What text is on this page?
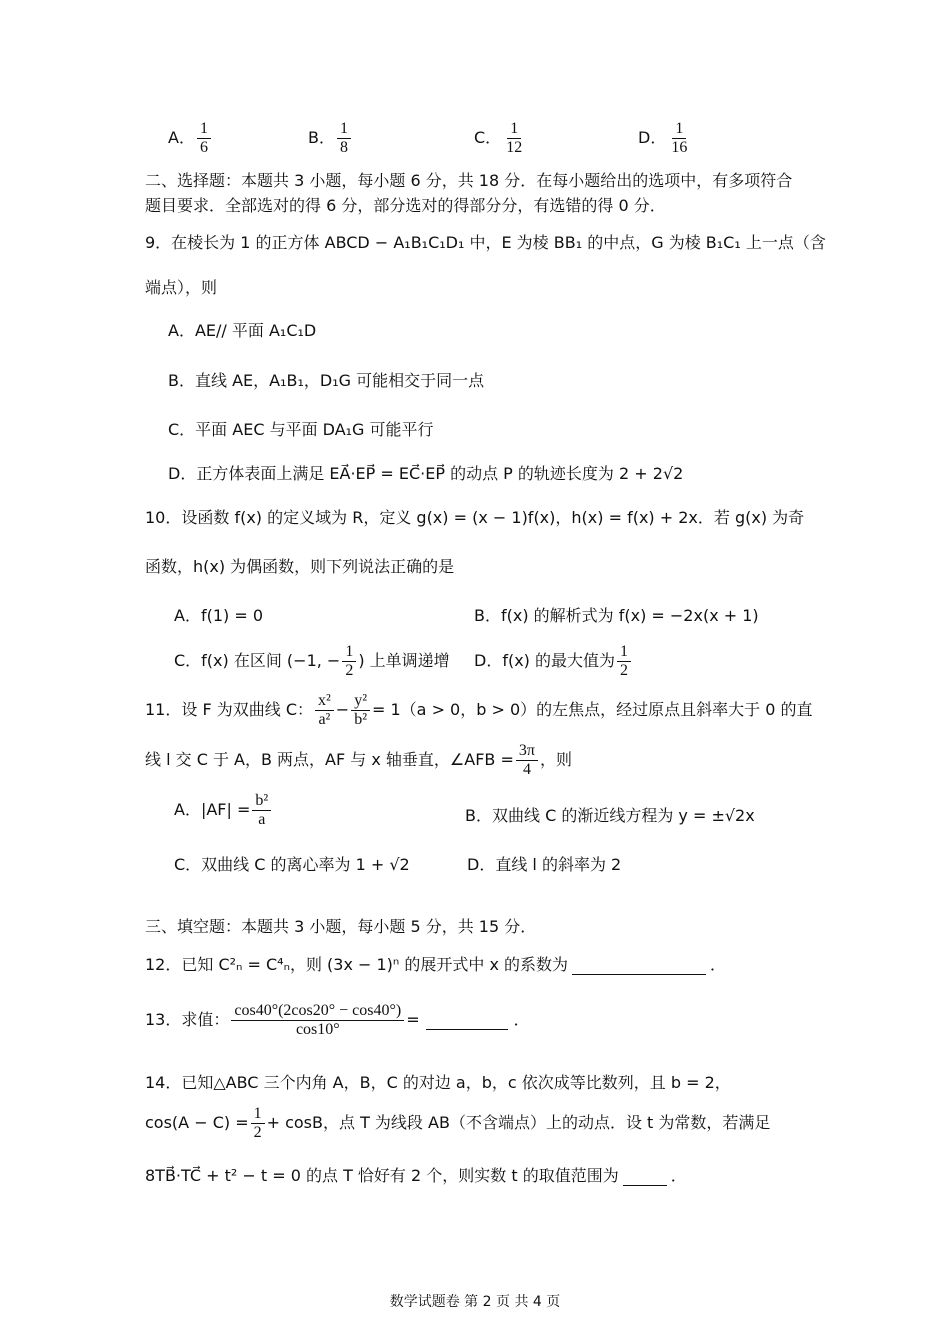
A． $\frac{1}{6}$	B． $\frac{1}{8}$	C． $\frac{1}{12}$	D． $\frac{1}{16}$
二、选择题：本题共 3 小题，每小题 6 分，共 18 分．在每小题给出的选项中，有多项符合
题目要求．全部选对的得 6 分，部分选对的得部分分，有选错的得 0 分．
9．在棱长为 1 的正方体 ABCD − A₁B₁C₁D₁ 中，E 为棱 BB₁ 的中点，G 为棱 B₁C₁ 上一点（含
端点），则
A．AE// 平面 A₁C₁D
B．直线 AE，A₁B₁，D₁G 可能相交于同一点
C．平面 AEC 与平面 DA₁G 可能平行
D．正方体表面上满足 EA⃗·EP⃗ = EC⃗·EP⃗ 的动点 P 的轨迹长度为 2 + 2√2
10．设函数 f(x) 的定义域为 R，定义 g(x) = (x − 1)f(x)，h(x) = f(x) + 2x．若 g(x) 为奇
函数，h(x) 为偶函数，则下列说法正确的是
A．f(1) = 0	B．f(x) 的解析式为 f(x) = −2x(x + 1)
C．f(x) 在区间 (−1, − $\frac{1}{2}$ ) 上单调递增 D．f(x) 的最大值为 $\frac{1}{2}$
11．设 F 为双曲线 C： $\frac{\text{x²}}{\text{a²}} - \frac{\text{y²}}{\text{b²}} = 1(a > 0$，b > 0）的左焦点，经过原点且斜率大于 0 的直
线 l 交 C 于 A，B 两点，AF 与 x 轴垂直，∠AFB = $\frac{3\pi}{4}$ ，则
A．$|AF| = \frac{\text{b²}}{a}$	B．双曲线 C 的渐近线方程为 y = ±√2x
C．双曲线 C 的离心率为 1 + √2	D．直线 l 的斜率为 2
三、填空题：本题共 3 小题，每小题 5 分，共 15 分．
12．已知 C²ₙ = C⁴ₙ，则 (3x − 1)ⁿ 的展开式中 x 的系数为	．
13．求值： $\frac{\cos 40^\circ(2\cos 20^\circ - \cos 40^\circ)}{\cos 10^\circ}$ =	．
14．已知△ABC 三个内角 A，B，C 的对边 a，b，c 依次成等比数列，且 b = 2，
$\cos(A - C) = \frac{1}{2} + \cos B$，点 T 为线段 AB（不含端点）上的动点．设 t 为常数，若满足
8TB⃗·TC⃗ + t² − t = 0 的点 T 恰好有 2 个，则实数 t 的取值范围为	．
数学试题卷 第 2 页 共 4 页
